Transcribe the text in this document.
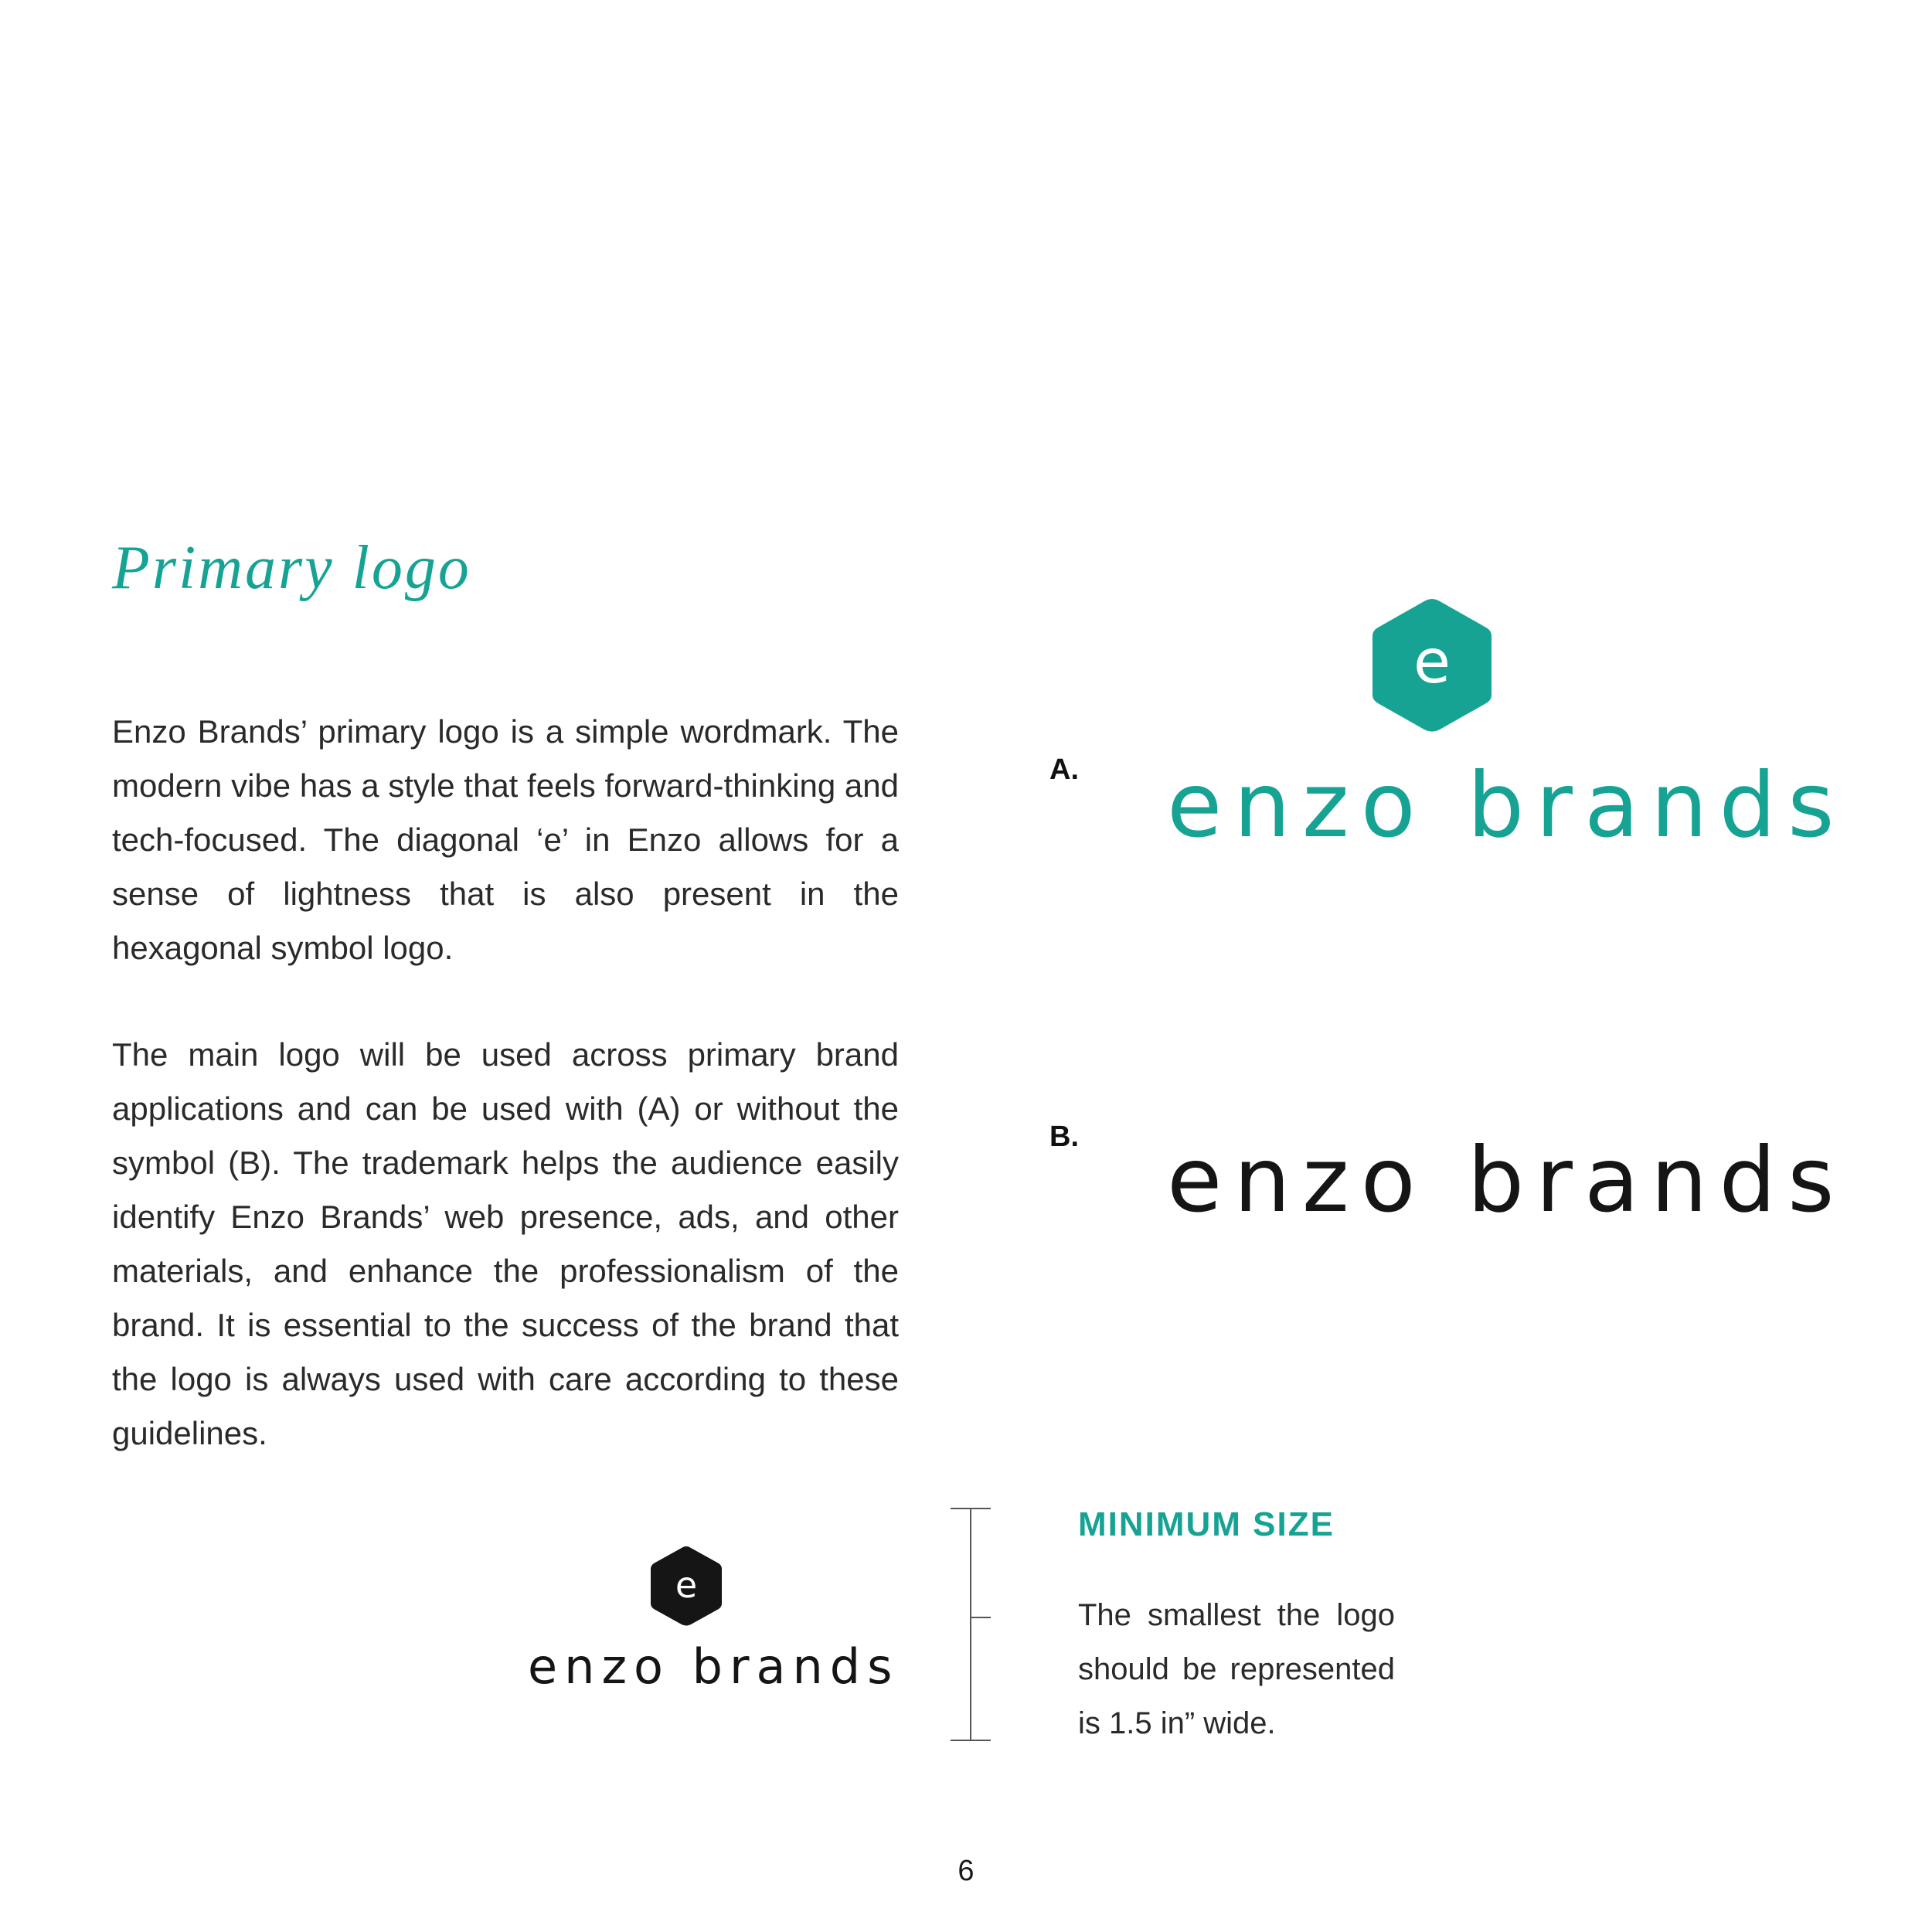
Primary logo

Enzo Brands’ primary logo is a simple wordmark. The modern vibe has a style that feels forward-thinking and tech-focused. The diagonal ‘e’ in Enzo allows for a sense of lightness that is also present in the hexagonal symbol logo.

The main logo will be used across primary brand applications and can be used with (A) or without the symbol (B). The trademark helps the audience easily identify Enzo Brands’ web presence, ads, and other materials, and enhance the professionalism of the brand. It is essential to the success of the brand that the logo is always used with care according to these guidelines.

A.
e
enzo brands
B. enzo brands
e
enzo brands
MINIMUM SIZE

The smallest the logo should be represented is 1.5 in” wide.

6
